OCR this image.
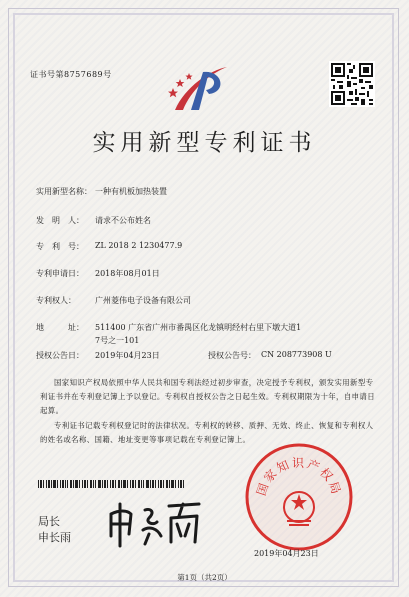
证书号第8757689号
实用新型专利证书
实用新型名称： 一种有机板加热装置
发　明　人： 请求不公布姓名
专　利　号： ZL 2018 2 1230477.9
专利申请日： 2018年08月01日
专利权人： 广州菱伟电子设备有限公司
地　　　址： 511400 广东省广州市番禺区化龙镇明经村右里下墩大道1
7号之一101
授权公告日： 2019年04月23日	授权公告号： CN 208773908 U
国家知识产权局依照中华人民共和国专利法经过初步审查，决定授予专利权，颁发实用新型专利证书并在专利登记簿上予以登记。专利权自授权公告之日起生效。专利权期限为十年，自申请日起算。
专利证书记载专利权登记时的法律状况。专利权的转移、质押、无效、终止、恢复和专利权人的姓名或名称、国籍、地址变更等事项记载在专利登记簿上。
局长
申长雨
国家知识产权局
2019年04月23日
第1页（共2页）
